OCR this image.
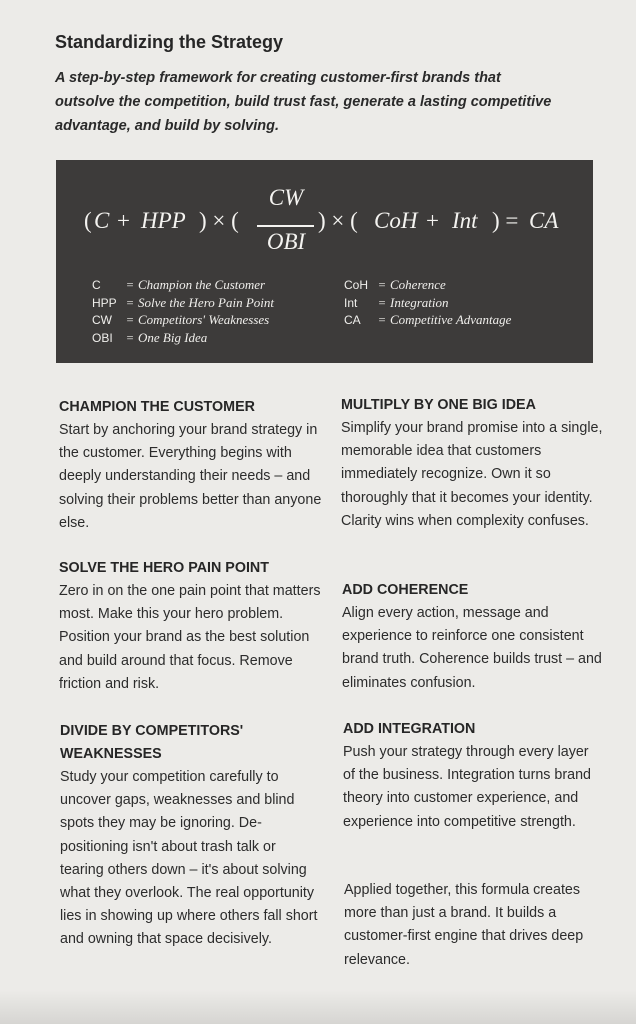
Standardizing the Strategy

A step-by-step framework for creating customer-first brands that outsolve the competition, build trust fast, generate a lasting competitive advantage, and build by solving.

( C + HPP ) × (
CW
OBI
) × ( CoH + Int ) = CA
C = Champion the Customer
HPP = Solve the Hero Pain Point
CW = Competitors' Weaknesses
OBI = One Big Idea
CoH = Coherence
Int = Integration
CA = Competitive Advantage
CHAMPION THE CUSTOMER

Start by anchoring your brand strategy in the customer. Everything begins with deeply understanding their needs – and solving their problems better than anyone else.

SOLVE THE HERO PAIN POINT

Zero in on the one pain point that matters most. Make this your hero problem. Position your brand as the best solution and build around that focus. Remove friction and risk.

DIVIDE BY COMPETITORS' WEAKNESSES

Study your competition carefully to uncover gaps, weaknesses and blind spots they may be ignoring. De-positioning isn't about trash talk or tearing others down – it's about solving what they overlook. The real opportunity lies in showing up where others fall short and owning that space decisively.

MULTIPLY BY ONE BIG IDEA

Simplify your brand promise into a single, memorable idea that customers immediately recognize. Own it so thoroughly that it becomes your identity. Clarity wins when complexity confuses.

ADD COHERENCE

Align every action, message and experience to reinforce one consistent brand truth. Coherence builds trust – and eliminates confusion.

ADD INTEGRATION

Push your strategy through every layer of the business. Integration turns brand theory into customer experience, and experience into competitive strength.

Applied together, this formula creates more than just a brand. It builds a customer-first engine that drives deep relevance.
